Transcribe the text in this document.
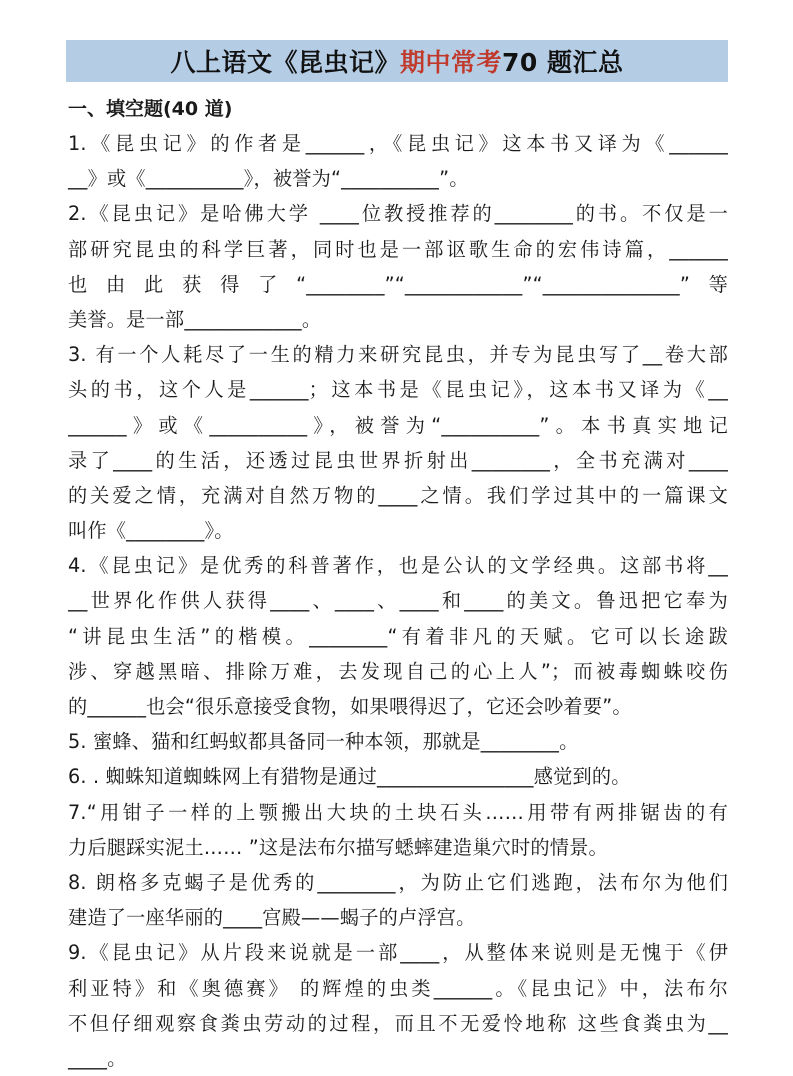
八上语文《昆虫记》期中常考70 题汇总
一、填空题(40 道)
1.《昆虫记》的作者是______，《昆虫记》这本书又译为《______
__》或《__________》，被誉为“__________”。
2.《昆虫记》是哈佛大学 ____位教授推荐的________的书。不仅是一
部研究昆虫的科学巨著，同时也是一部讴歌生命的宏伟诗篇，______
也由此获得了“________”“____________”“______________”等
美誉。是一部____________。
3. 有一个人耗尽了一生的精力来研究昆虫，并专为昆虫写了__卷大部
头的书，这个人是______；这本书是《昆虫记》，这本书又译为《__
______》或《__________》，被誉为“__________”。本书真实地记
录了____的生活，还透过昆虫世界折射出________，全书充满对____
的关爱之情，充满对自然万物的____之情。我们学过其中的一篇课文
叫作《________》。
4.《昆虫记》是优秀的科普著作，也是公认的文学经典。这部书将__
__世界化作供人获得____、____、____和____的美文。鲁迅把它奉为
“讲昆虫生活”的楷模。________“有着非凡的天赋。它可以长途跋
涉、穿越黑暗、排除万难，去发现自己的心上人”；而被毒蜘蛛咬伤
的______也会“很乐意接受食物，如果喂得迟了，它还会吵着要”。
5. 蜜蜂、猫和红蚂蚁都具备同一种本领，那就是________。
6. . 蜘蛛知道蜘蛛网上有猎物是通过________________感觉到的。
7.“用钳子一样的上颚搬出大块的土块石头……用带有两排锯齿的有
力后腿踩实泥土…… ”这是法布尔描写蟋蟀建造巢穴时的情景。
8. 朗格多克蝎子是优秀的________，为防止它们逃跑，法布尔为他们
建造了一座华丽的____宫殿——蝎子的卢浮宫。
9.《昆虫记》从片段来说就是一部____，从整体来说则是无愧于《伊
利亚特》和《奥德赛》 的辉煌的虫类______。《昆虫记》中，法布尔
不但仔细观察食粪虫劳动的过程，而且不无爱怜地称 这些食粪虫为__
____。
